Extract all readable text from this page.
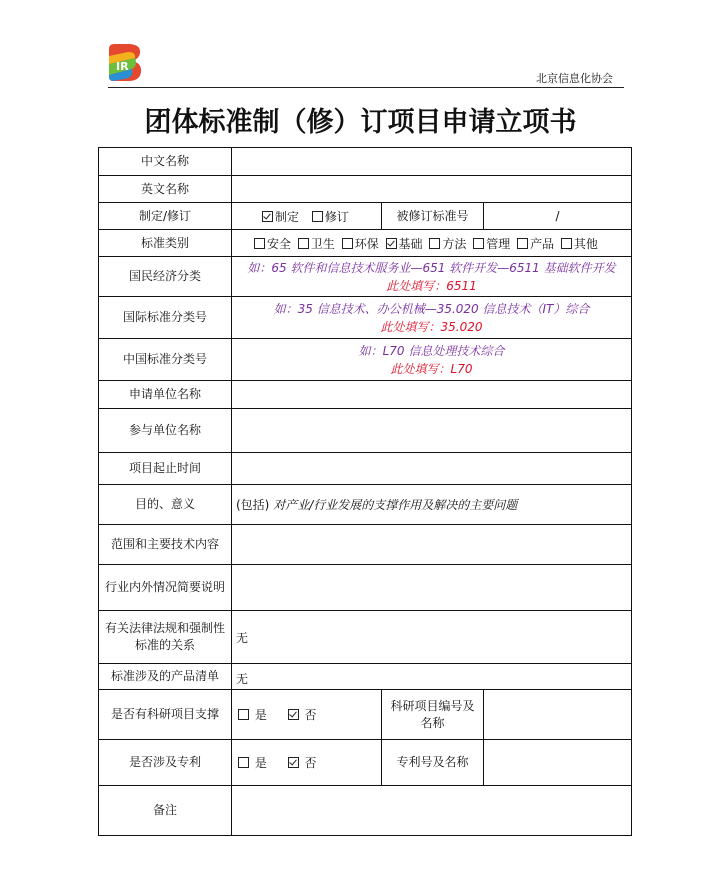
IR
北京信息化协会
团体标准制（修）订项目申请立项书
中文名称			
英文名称			
制定/修订	制定 修订	被修订标准号	/
标准类别	安全 卫生 环保 基础 方法 管理 产品 其他		
国民经济分类	如：65 软件和信息技术服务业—651 软件开发—6511 基础软件开发
此处填写：6511		

国际标准分类号	如：35 信息技术、办公机械—35.020 信息技术（IT）综合
此处填写：35.020		

中国标准分类号	如：L70 信息处理技术综合
此处填写：L70		

申请单位名称			
参与单位名称			
项目起止时间			
目的、意义	(包括) 对产业/行业发展的支撑作用及解决的主要问题		
范围和主要技术内容			
行业内外情况简要说明			
有关法律法规和强制性标准的关系	无		
标准涉及的产品清单	无		
是否有科研项目支撑	是 否	科研项目编号及名称	
是否涉及专利	是 否	专利号及名称	
备注			
